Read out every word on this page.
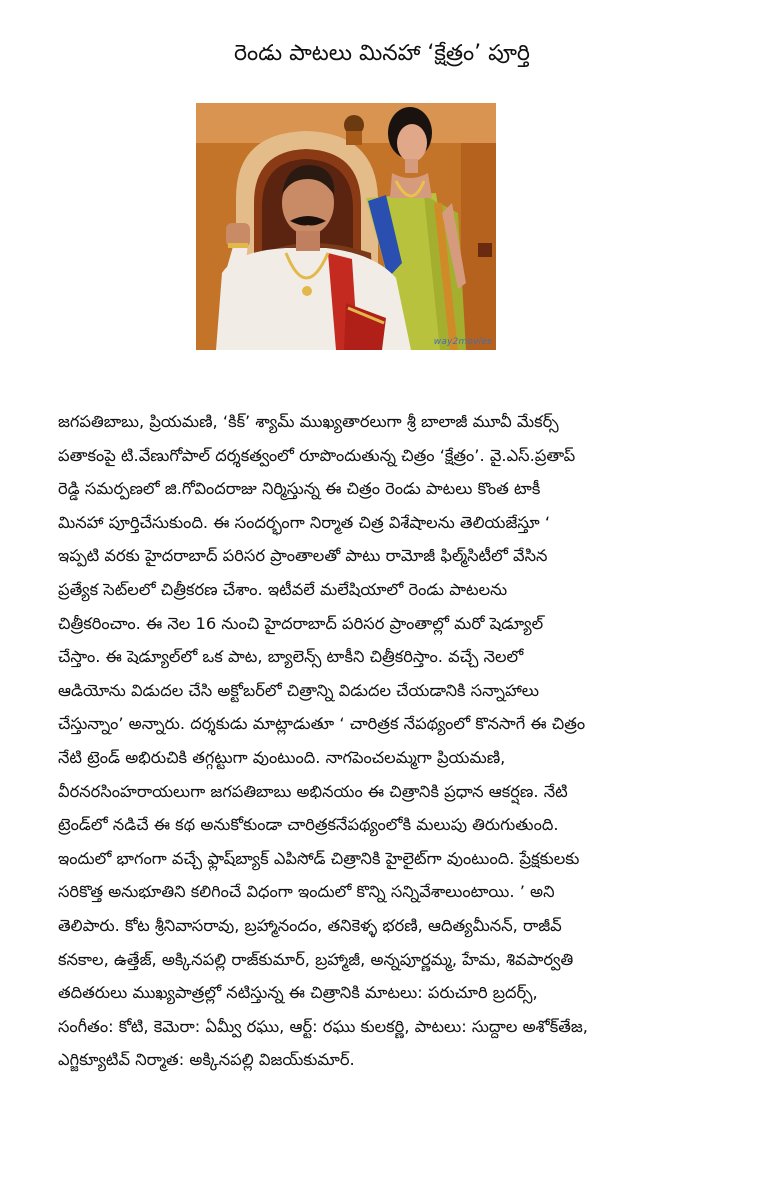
రెండు పాటలు మినహా ‘క్షేత్రం’ పూర్తి
way2movies

జగపతిబాబు, ప్రియమణి, ‘కిక్‌’ శ్యామ్‌ ముఖ్యతారలుగా శ్రీ బాలాజీ మూవీ మేకర్స్‌

పతాకంపై టి.వేణుగోపాల్‌ దర్శకత్వంలో రూపొందుతున్న చిత్రం ‘క్షేత్రం’. వై.ఎస్‌.ప్రతాప్‌

రెడ్డి సమర్పణలో జి.గోవిందరాజు నిర్మిస్తున్న ఈ చిత్రం రెండు పాటలు కొంత టాకీ

మినహా పూర్తిచేసుకుంది. ఈ సందర్భంగా నిర్మాత చిత్ర విశేషాలను తెలియజేస్తూ ‘

ఇప్పటి వరకు హైదరాబాద్‌ పరిసర ప్రాంతాలతో పాటు రామోజీ ఫిల్మ్‌సిటీలో వేసిన

ప్రత్యేక సెట్‌లలో చిత్రీకరణ చేశాం. ఇటీవలే మలేషియాలో రెండు పాటలను

చిత్రీకరించాం. ఈ నెల 16 నుంచి హైదరాబాద్‌ పరిసర ప్రాంతాల్లో మరో షెడ్యూల్‌

చేస్తాం. ఈ షెడ్యూల్‌లో ఒక పాట, బ్యాలెన్స్‌ టాకీని చిత్రీకరిస్తాం. వచ్చే నెలలో

ఆడియోను విడుదల చేసి అక్టోబర్‌లో చిత్రాన్ని విడుదల చేయడానికి సన్నాహాలు

చేస్తున్నాం’ అన్నారు. దర్శకుడు మాట్లాడుతూ ‘ చారిత్రక నేపథ్యంలో కొనసాగే ఈ చిత్రం

నేటి ట్రెండ్‌ అభిరుచికి తగ్గట్టుగా వుంటుంది. నాగపెంచలమ్మగా ప్రియమణి,

వీరనరసింహరాయలుగా జగపతిబాబు అభినయం ఈ చిత్రానికి ప్రధాన ఆకర్షణ. నేటి

ట్రెండ్‌లో నడిచే ఈ కథ అనుకోకుండా చారిత్రకనేపథ్యంలోకి మలుపు తిరుగుతుంది.

ఇందులో భాగంగా వచ్చే ఫ్లాష్‌బ్యాక్‌ ఎపిసోడ్‌ చిత్రానికి హైలైట్‌గా వుంటుంది. ప్రేక్షకులకు

సరికొత్త అనుభూతిని కలిగించే విధంగా ఇందులో కొన్ని సన్నివేశాలుంటాయి. ’ అని

తెలిపారు. కోట శ్రీనివాసరావు, బ్రహ్మానందం, తనికెళ్ళ భరణి, ఆదిత్యమీనన్‌, రాజీవ్‌

కనకాల, ఉత్తేజ్‌, అక్కినపల్లి రాజ్‌కుమార్‌, బ్రహ్మాజీ, అన్నపూర్ణమ్మ, హేమ, శివపార్వతి

తదితరులు ముఖ్యపాత్రల్లో నటిస్తున్న ఈ చిత్రానికి మాటలు: పరుచూరి బ్రదర్స్‌,

సంగీతం: కోటి, కెమెరా: ఏమ్వీ రఘు, ఆర్ట్‌: రఘు కులకర్ణి, పాటలు: సుద్దాల అశోక్‌తేజ,

ఎగ్జిక్యూటివ్‌ నిర్మాత: అక్కినపల్లి విజయ్‌కుమార్‌.
